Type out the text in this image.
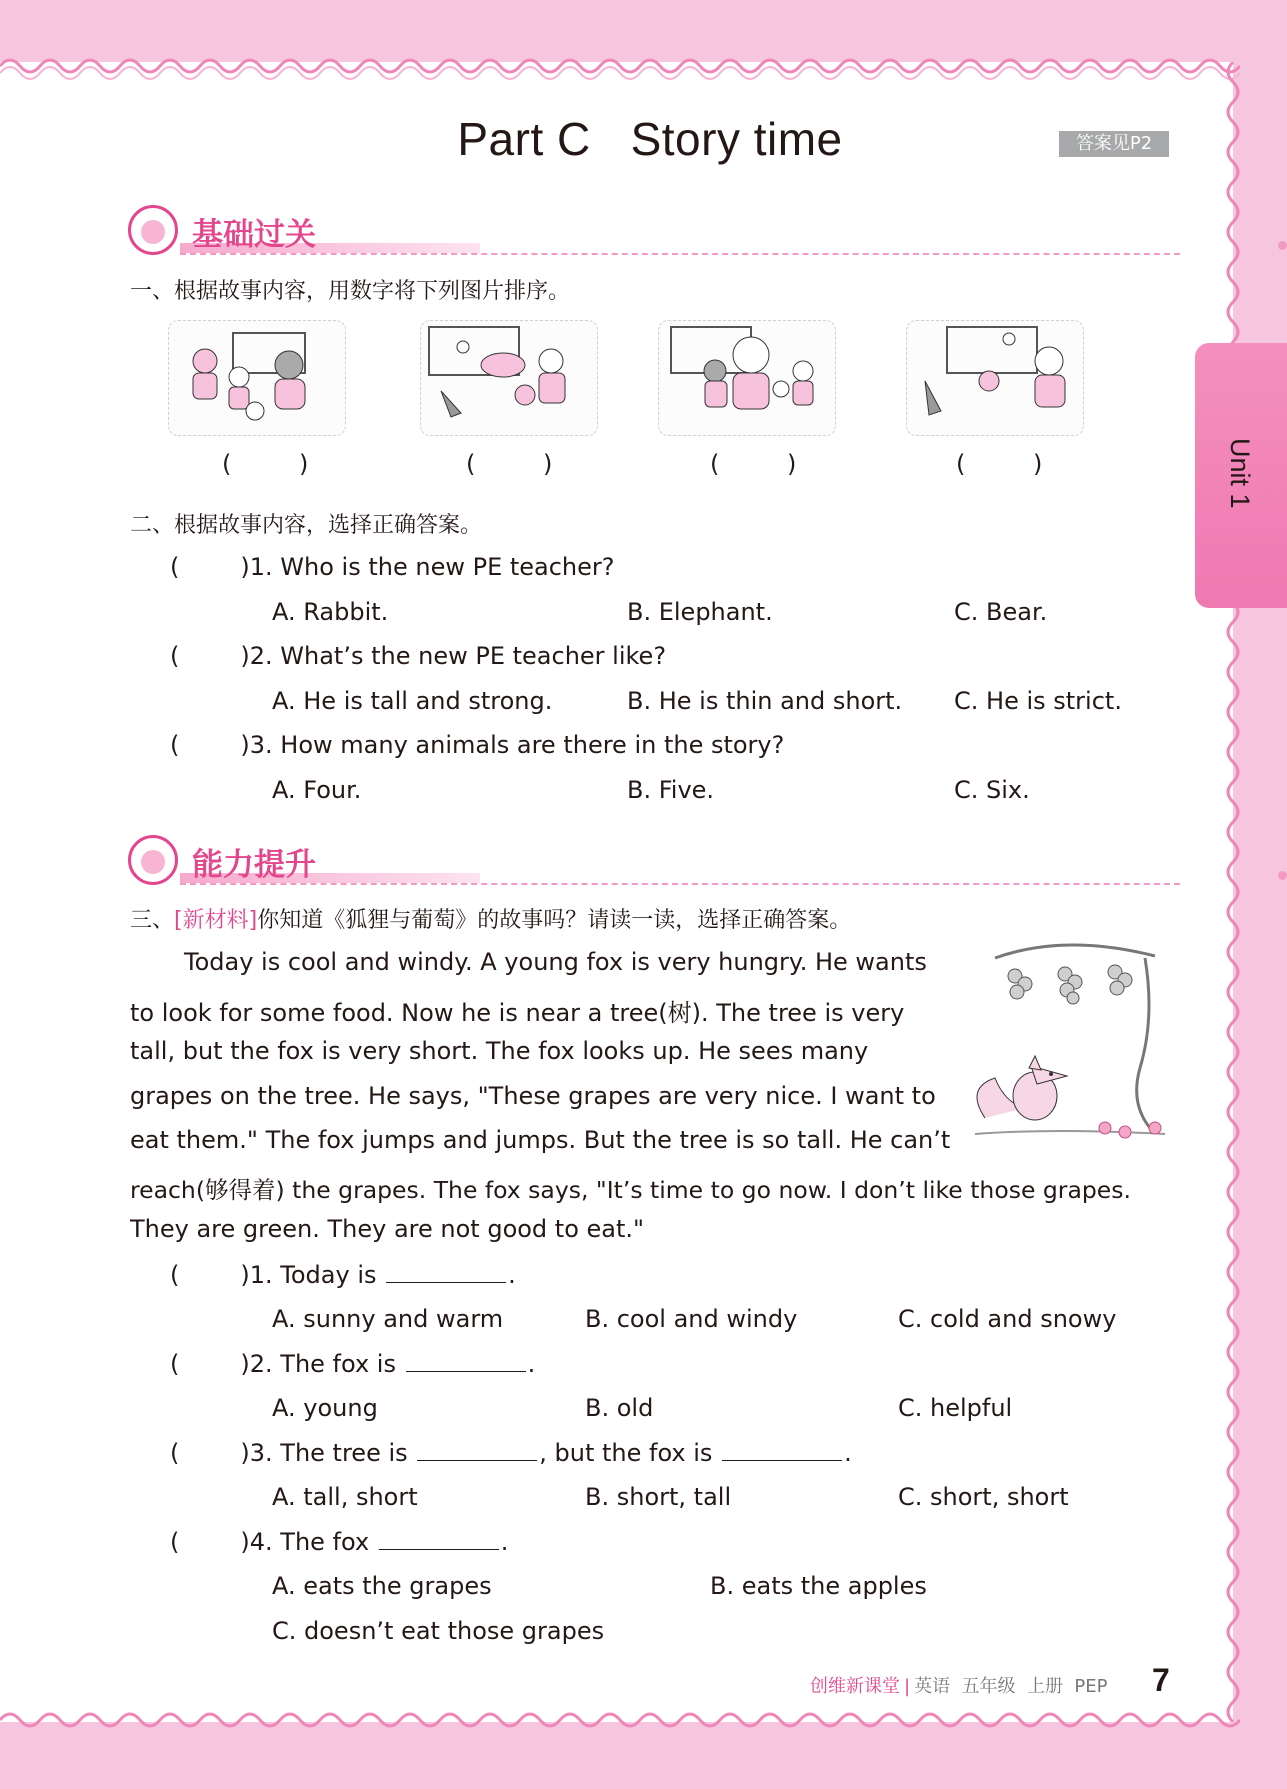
Part C   Story time	答案见P2
Unit 1
基础过关
一、根据故事内容，用数字将下列图片排序。
( )	( )	( )	( )
二、根据故事内容，选择正确答案。
(        )1. Who is the new PE teacher?
A. Rabbit.	B. Elephant.	C. Bear.
(        )2. What’s the new PE teacher like?
A. He is tall and strong.	B. He is thin and short. C. He is strict.
(        )3. How many animals are there in the story?
A. Four.	B. Five.	C. Six.
能力提升
三、[新材料]你知道《狐狸与葡萄》的故事吗？请读一读，选择正确答案。
Today is cool and windy. A young fox is very hungry. He wants
to look for some food. Now he is near a tree(树). The tree is very
tall, but the fox is very short. The fox looks up. He sees many
grapes on the tree. He says, "These grapes are very nice. I want to
eat them." The fox jumps and jumps. But the tree is so tall. He can’t
reach(够得着) the grapes. The fox says, "It’s time to go now. I don’t like those grapes.
They are green. They are not good to eat."
(        )1. Today is	.
A. sunny and warm	B. cool and windy	C. cold and snowy
(        )2. The fox is	.
A. young	B. old	C. helpful
(        )3. The tree is	, but the fox is	.
A. tall, short	B. short, tall	C. short, short
(        )4. The fox	.
A. eats the grapes	B. eats the apples
C. doesn’t eat those grapes
创维新课堂 | 英语  五年级  上册  PEP 7
